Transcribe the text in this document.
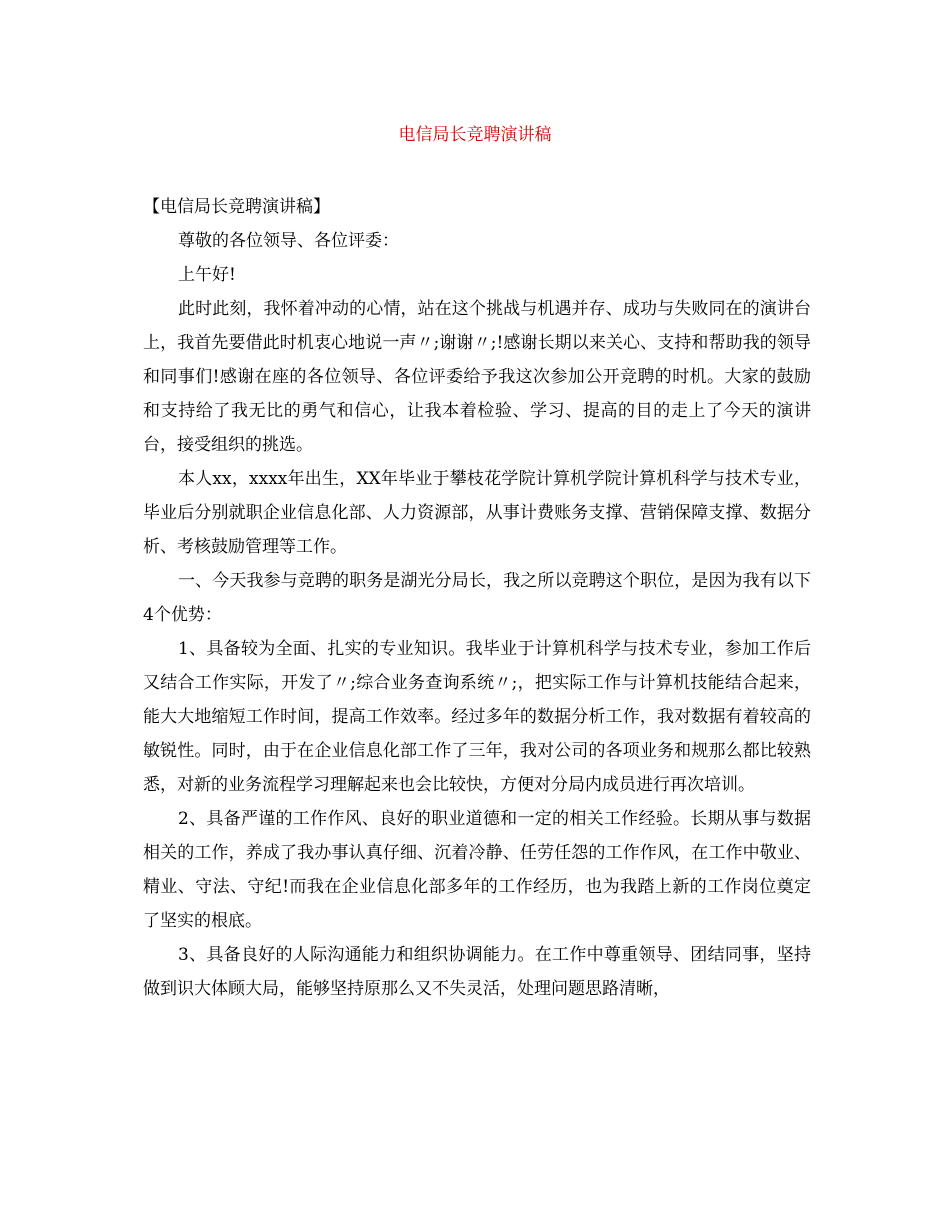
电信局长竞聘演讲稿

【电信局长竞聘演讲稿】

尊敬的各位领导、各位评委：

上午好!

此时此刻，我怀着冲动的心情，站在这个挑战与机遇并存、成功与失败同在的演讲台上，我首先要借此时机衷心地说一声〃;谢谢〃;!感谢长期以来关心、支持和帮助我的领导和同事们!感谢在座的各位领导、各位评委给予我这次参加公开竞聘的时机。大家的鼓励和支持给了我无比的勇气和信心，让我本着检验、学习、提高的目的走上了今天的演讲台，接受组织的挑选。

本人xx，xxxx年出生，XX年毕业于攀枝花学院计算机学院计算机科学与技术专业，毕业后分别就职企业信息化部、人力资源部，从事计费账务支撑、营销保障支撑、数据分析、考核鼓励管理等工作。

一、今天我参与竞聘的职务是湖光分局长，我之所以竞聘这个职位，是因为我有以下4个优势：

1、具备较为全面、扎实的专业知识。我毕业于计算机科学与技术专业，参加工作后又结合工作实际，开发了〃;综合业务查询系统〃;，把实际工作与计算机技能结合起来，能大大地缩短工作时间，提高工作效率。经过多年的数据分析工作，我对数据有着较高的敏锐性。同时，由于在企业信息化部工作了三年，我对公司的各项业务和规那么都比较熟悉，对新的业务流程学习理解起来也会比较快，方便对分局内成员进行再次培训。

2、具备严谨的工作作风、良好的职业道德和一定的相关工作经验。长期从事与数据相关的工作，养成了我办事认真仔细、沉着冷静、任劳任怨的工作作风，在工作中敬业、精业、守法、守纪!而我在企业信息化部多年的工作经历，也为我踏上新的工作岗位奠定了坚实的根底。

3、具备良好的人际沟通能力和组织协调能力。在工作中尊重领导、团结同事，坚持做到识大体顾大局，能够坚持原那么又不失灵活，处理问题思路清晰，
